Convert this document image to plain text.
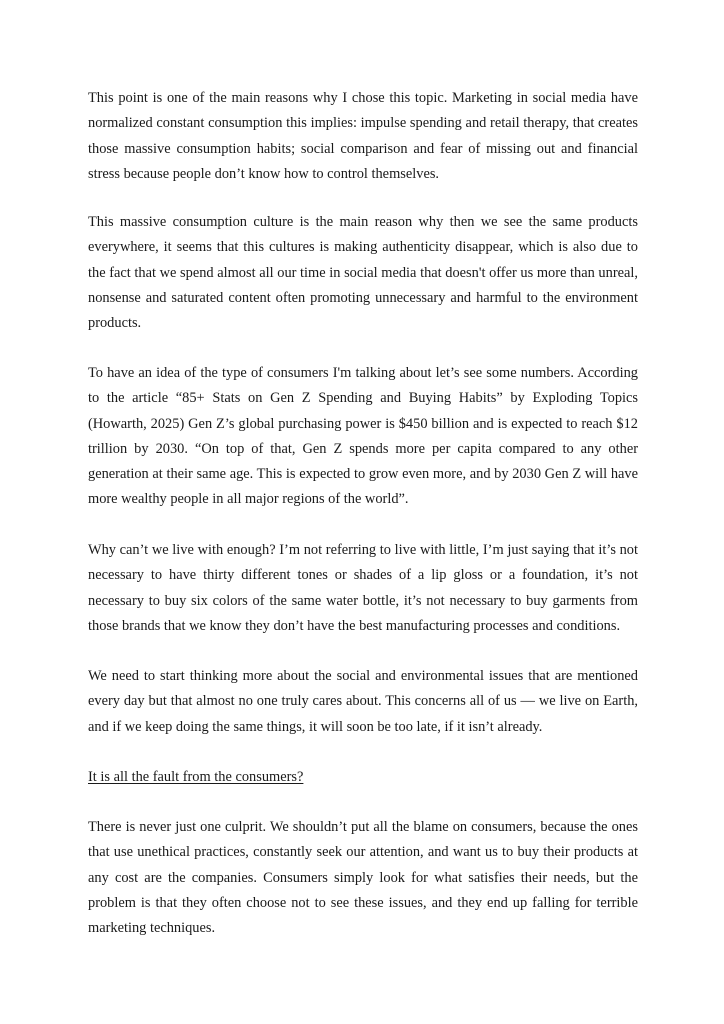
This point is one of the main reasons why I chose this topic. Marketing in social media have normalized constant consumption this implies: impulse spending and retail therapy, that creates those massive consumption habits; social comparison and fear of missing out and financial stress because people don’t know how to control themselves.

This massive consumption culture is the main reason why then we see the same products everywhere, it seems that this cultures is making authenticity disappear, which is also due to the fact that we spend almost all our time in social media that doesn't offer us more than unreal, nonsense and saturated content often promoting unnecessary and harmful to the environment products.

To have an idea of the type of consumers I'm talking about let’s see some numbers. According to the article “85+ Stats on Gen Z Spending and Buying Habits” by Exploding Topics (Howarth, 2025) Gen Z’s global purchasing power is $450 billion and is expected to reach $12 trillion by 2030. “On top of that, Gen Z spends more per capita compared to any other generation at their same age. This is expected to grow even more, and by 2030 Gen Z will have more wealthy people in all major regions of the world”.

Why can’t we live with enough? I’m not referring to live with little, I’m just saying that it’s not necessary to have thirty different tones or shades of a lip gloss or a foundation, it’s not necessary to buy six colors of the same water bottle, it’s not necessary to buy garments from those brands that we know they don’t have the best manufacturing processes and conditions.

We need to start thinking more about the social and environmental issues that are mentioned every day but that almost no one truly cares about. This concerns all of us — we live on Earth, and if we keep doing the same things, it will soon be too late, if it isn’t already.

It is all the fault from the consumers?

There is never just one culprit. We shouldn’t put all the blame on consumers, because the ones that use unethical practices, constantly seek our attention, and want us to buy their products at any cost are the companies. Consumers simply look for what satisfies their needs, but the problem is that they often choose not to see these issues, and they end up falling for terrible marketing techniques.
